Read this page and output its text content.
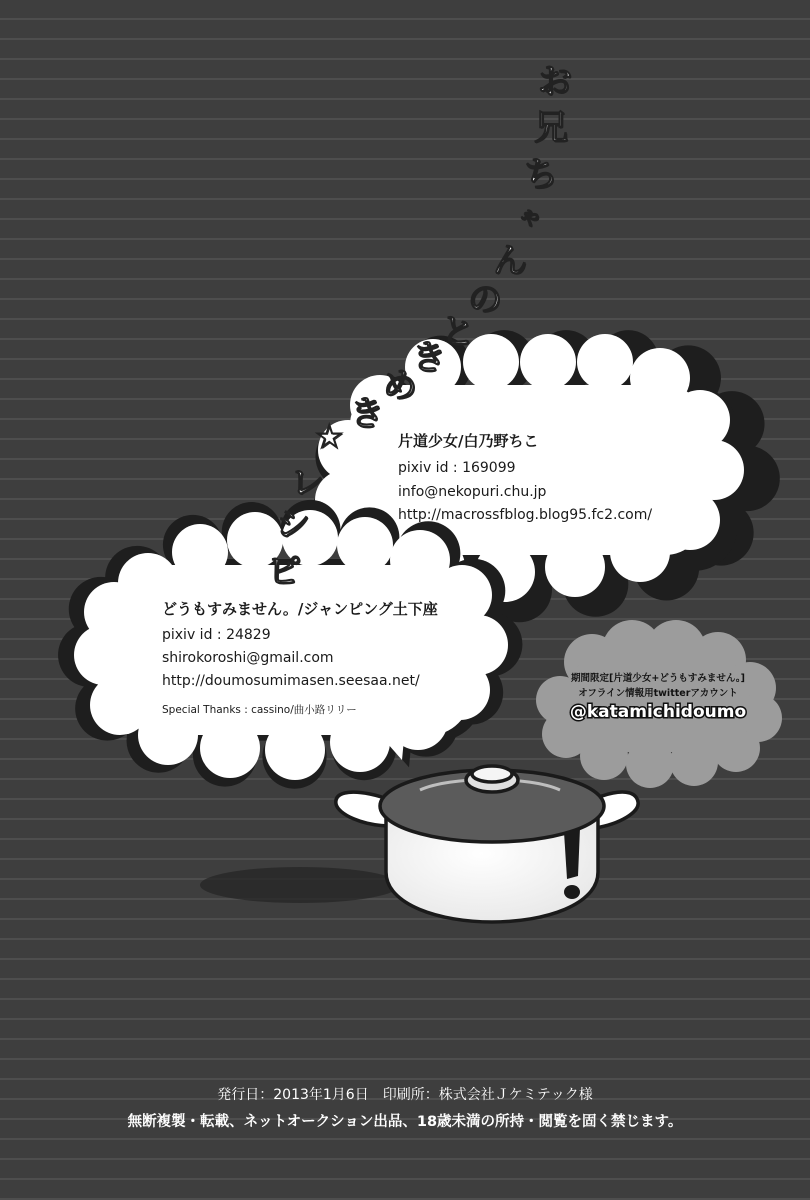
お
兄
ち
ゃ
ん
の
と
き
め
き
☆
レ
シ
ピ
片道少女/白乃野ちこ
pixiv id : 169099
info@nekopuri.chu.jp
http://macrossfblog.blog95.fc2.com/
どうもすみません。/ジャンピング土下座
pixiv id : 24829
shirokoroshi@gmail.com
http://doumosumimasen.seesaa.net/
Special Thanks : cassino/曲小路リリー
期間限定[片道少女+どうもすみません。]
オフライン情報用twitterアカウント
@katamichidoumo
発行日：2013年1月6日　印刷所：株式会社Ｊケミテック様
無断複製・転載、ネットオークション出品、18歳未満の所持・閲覧を固く禁じます。
